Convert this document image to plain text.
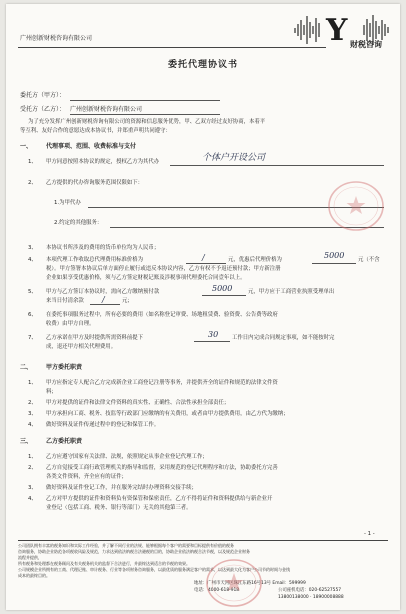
广州创新财税咨询有限公司	Y 财税咨询
委托代理协议书
委托方（甲方）：
受托方（乙方）： 广州创新财税咨询有限公司
为了充分发挥广州创新财税咨询有限公司的资源和信息服务优势，甲、乙双方经过友好协商，本着平
等互利、友好合作的意愿达成本协议书，并郑重声明共同遵守：
一、 代理事项、范围、收费标准与支付
1、 甲方同意按照本协议的规定，授权乙方为其代办	个体户开设公司
2、 乙方提供的代办咨询服务范围仅限如下：
1.为甲代办
2.约定的其他服务：
3、 本协议书所涉及的费用的货币单位均为人民币；
4、 本项代理工作收取总代理费用标准价格为	/	元，优惠后代理价格为	5000	元（不含
税）。甲方签署本协议后单方面停止履行或违反本协议内容，乙方有权不予返还预付款；甲方新注册
企业如果享受优惠价格，须与乙方签定财税记账及涉税事项代理委托合同壹年以上。
5、 甲方与乙方签订本协议时，需向乙方缴纳预付款	5000	元，甲方应于工商营业执照受理单出
来当日付清余款 /	元；
6、 在委托事项服务过程中，所有必要的费用（如名称登记审费、场地租赁费、验资费、公告费等政府
收费）由甲方自理。
7、 乙方承诺在甲方及时提供所需资料前提下	30	工作日内完成合同规定事项，如不能按时完
成，退还甲方相关代理费用。
二、 甲方委托职责
1、 甲方应指定专人配合乙方完成新企业工商登记注册等事务，并提供齐全的证件和规范的法律文件资
料；
2、 甲方对提供的证件和法律文件资料的真实性、正确性、合法性承担全部责任；
3、 甲方承担向工商、税务、技监等行政部门应缴纳的有关费用，或者由甲方提供费用，由乙方代为缴纳；
4、 做好资料及证件传递过程中的登记和保管工作。
三、 乙方委托职责
1、 乙方应遵守国家有关法律、法规，依照规定从事企业登记代理工作；
2、 乙方自觉接受工商行政管理机关的指导和监督，采用规范的登记代理程序和方法，协助委托方完善
各类文件资料，齐全应有的证件；
3、 做好资料及证件登记工作，并在服务完结时办理资料交接手续；
4、 乙方对甲方提供的证件和资料负有资保管和保密责任，乙方不得将证件和资料提供给与新企业开
业登记（包括工商、税务、银行等部门）无关的其他第三者。
- 1 -
公司团队拥有丰富的税务知识和实际工作经验，并了解不同行业的法规、能够根据每个客户的需要和目标提供有价值的税务
咨询服务，协助企业防范各项税收风险及规范，力求达到依法纳税合法避税的目的，协助企业依法纳税合法节税，以及规范企业财务
流程并提供，
所有税务和处理都在税务顾问及有关税务机关的监督下合法进行，并最终达到适合的节税的效果。
公司规模企业所拥有的工商、代理记账、审计税务、行业等各项财务咨询服务，以最优质的服务满足客户的需求，以达到最大化为客户公司节约时间与金钱
成本的最终目的。
地址：广州市天河区珠江东路16号13号 Email：599999
电话： 4000-618-918	公司座机电话：020-62527557
13800138000 · 18900008888
